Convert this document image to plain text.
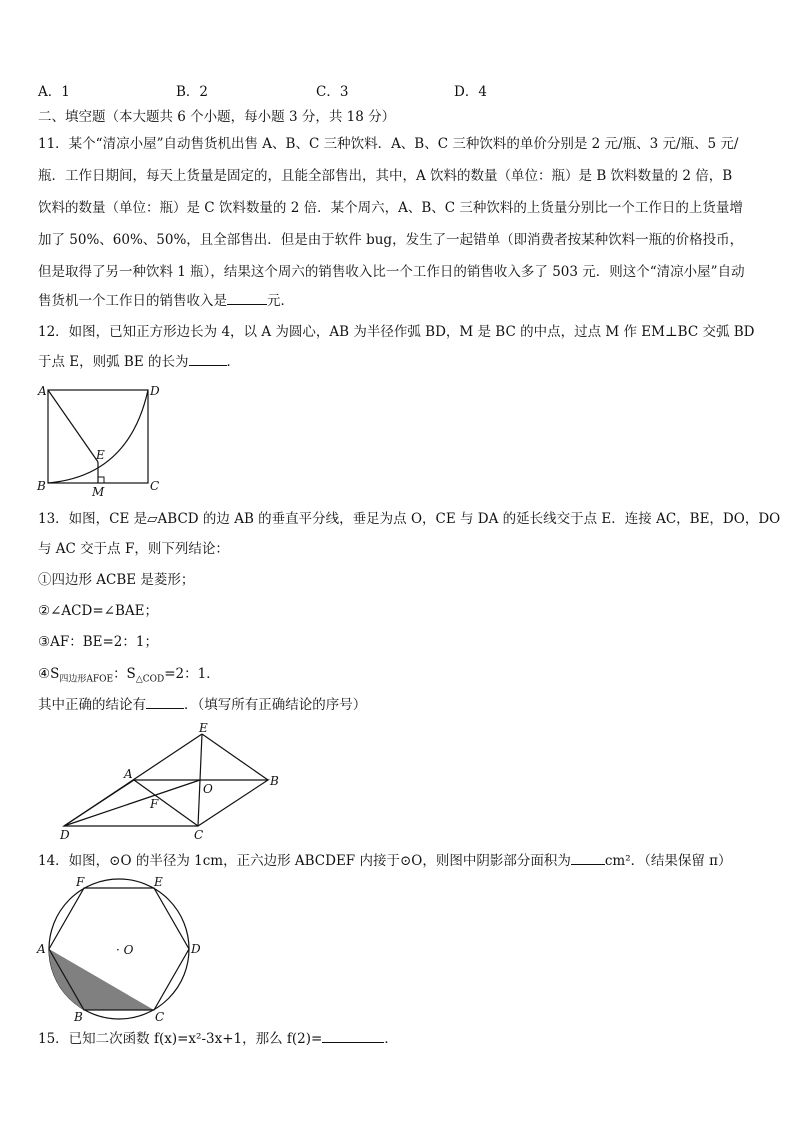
A．1	B．2	C．3	D．4
二、填空题（本大题共 6 个小题，每小题 3 分，共 18 分）
11．某个“清凉小屋”自动售货机出售 A、B、C 三种饮料．A、B、C 三种饮料的单价分别是 2 元/瓶、3 元/瓶、5 元/
瓶．工作日期间，每天上货量是固定的，且能全部售出，其中，A 饮料的数量（单位：瓶）是 B 饮料数量的 2 倍，B
饮料的数量（单位：瓶）是 C 饮料数量的 2 倍．某个周六，A、B、C 三种饮料的上货量分别比一个工作日的上货量增
加了 50%、60%、50%，且全部售出．但是由于软件 bug，发生了一起错单（即消费者按某种饮料一瓶的价格投币，
但是取得了另一种饮料 1 瓶），结果这个周六的销售收入比一个工作日的销售收入多了 503 元．则这个“清凉小屋”自动
售货机一个工作日的销售收入是	元．
12．如图，已知正方形边长为 4，以 A 为圆心，AB 为半径作弧 BD，M 是 BC 的中点，过点 M 作 EM⊥BC 交弧 BD
于点 E，则弧 BE 的长为	．
A	D
B	C
E
M
13．如图，CE 是▱ABCD 的边 AB 的垂直平分线，垂足为点 O，CE 与 DA 的延长线交于点 E．连接 AC，BE，DO，DO
与 AC 交于点 F，则下列结论：
①四边形 ACBE 是菱形；
②∠ACD=∠BAE；
③AF：BE=2：1；
$④S_{四边形AFOE}$：$S_{\triangle COD}=2$：1．
其中正确的结论有	．（填写所有正确结论的序号）
E
A	B
O
F
D	C
14．如图，⊙O 的半径为 1cm，正六边形 ABCDEF 内接于⊙O，则图中阴影部分面积为	cm²．（结果保留 π）
F	E
A	D
B	C
· O
15．已知二次函数 f(x)=x²-3x+1，那么 f(2)=	．
